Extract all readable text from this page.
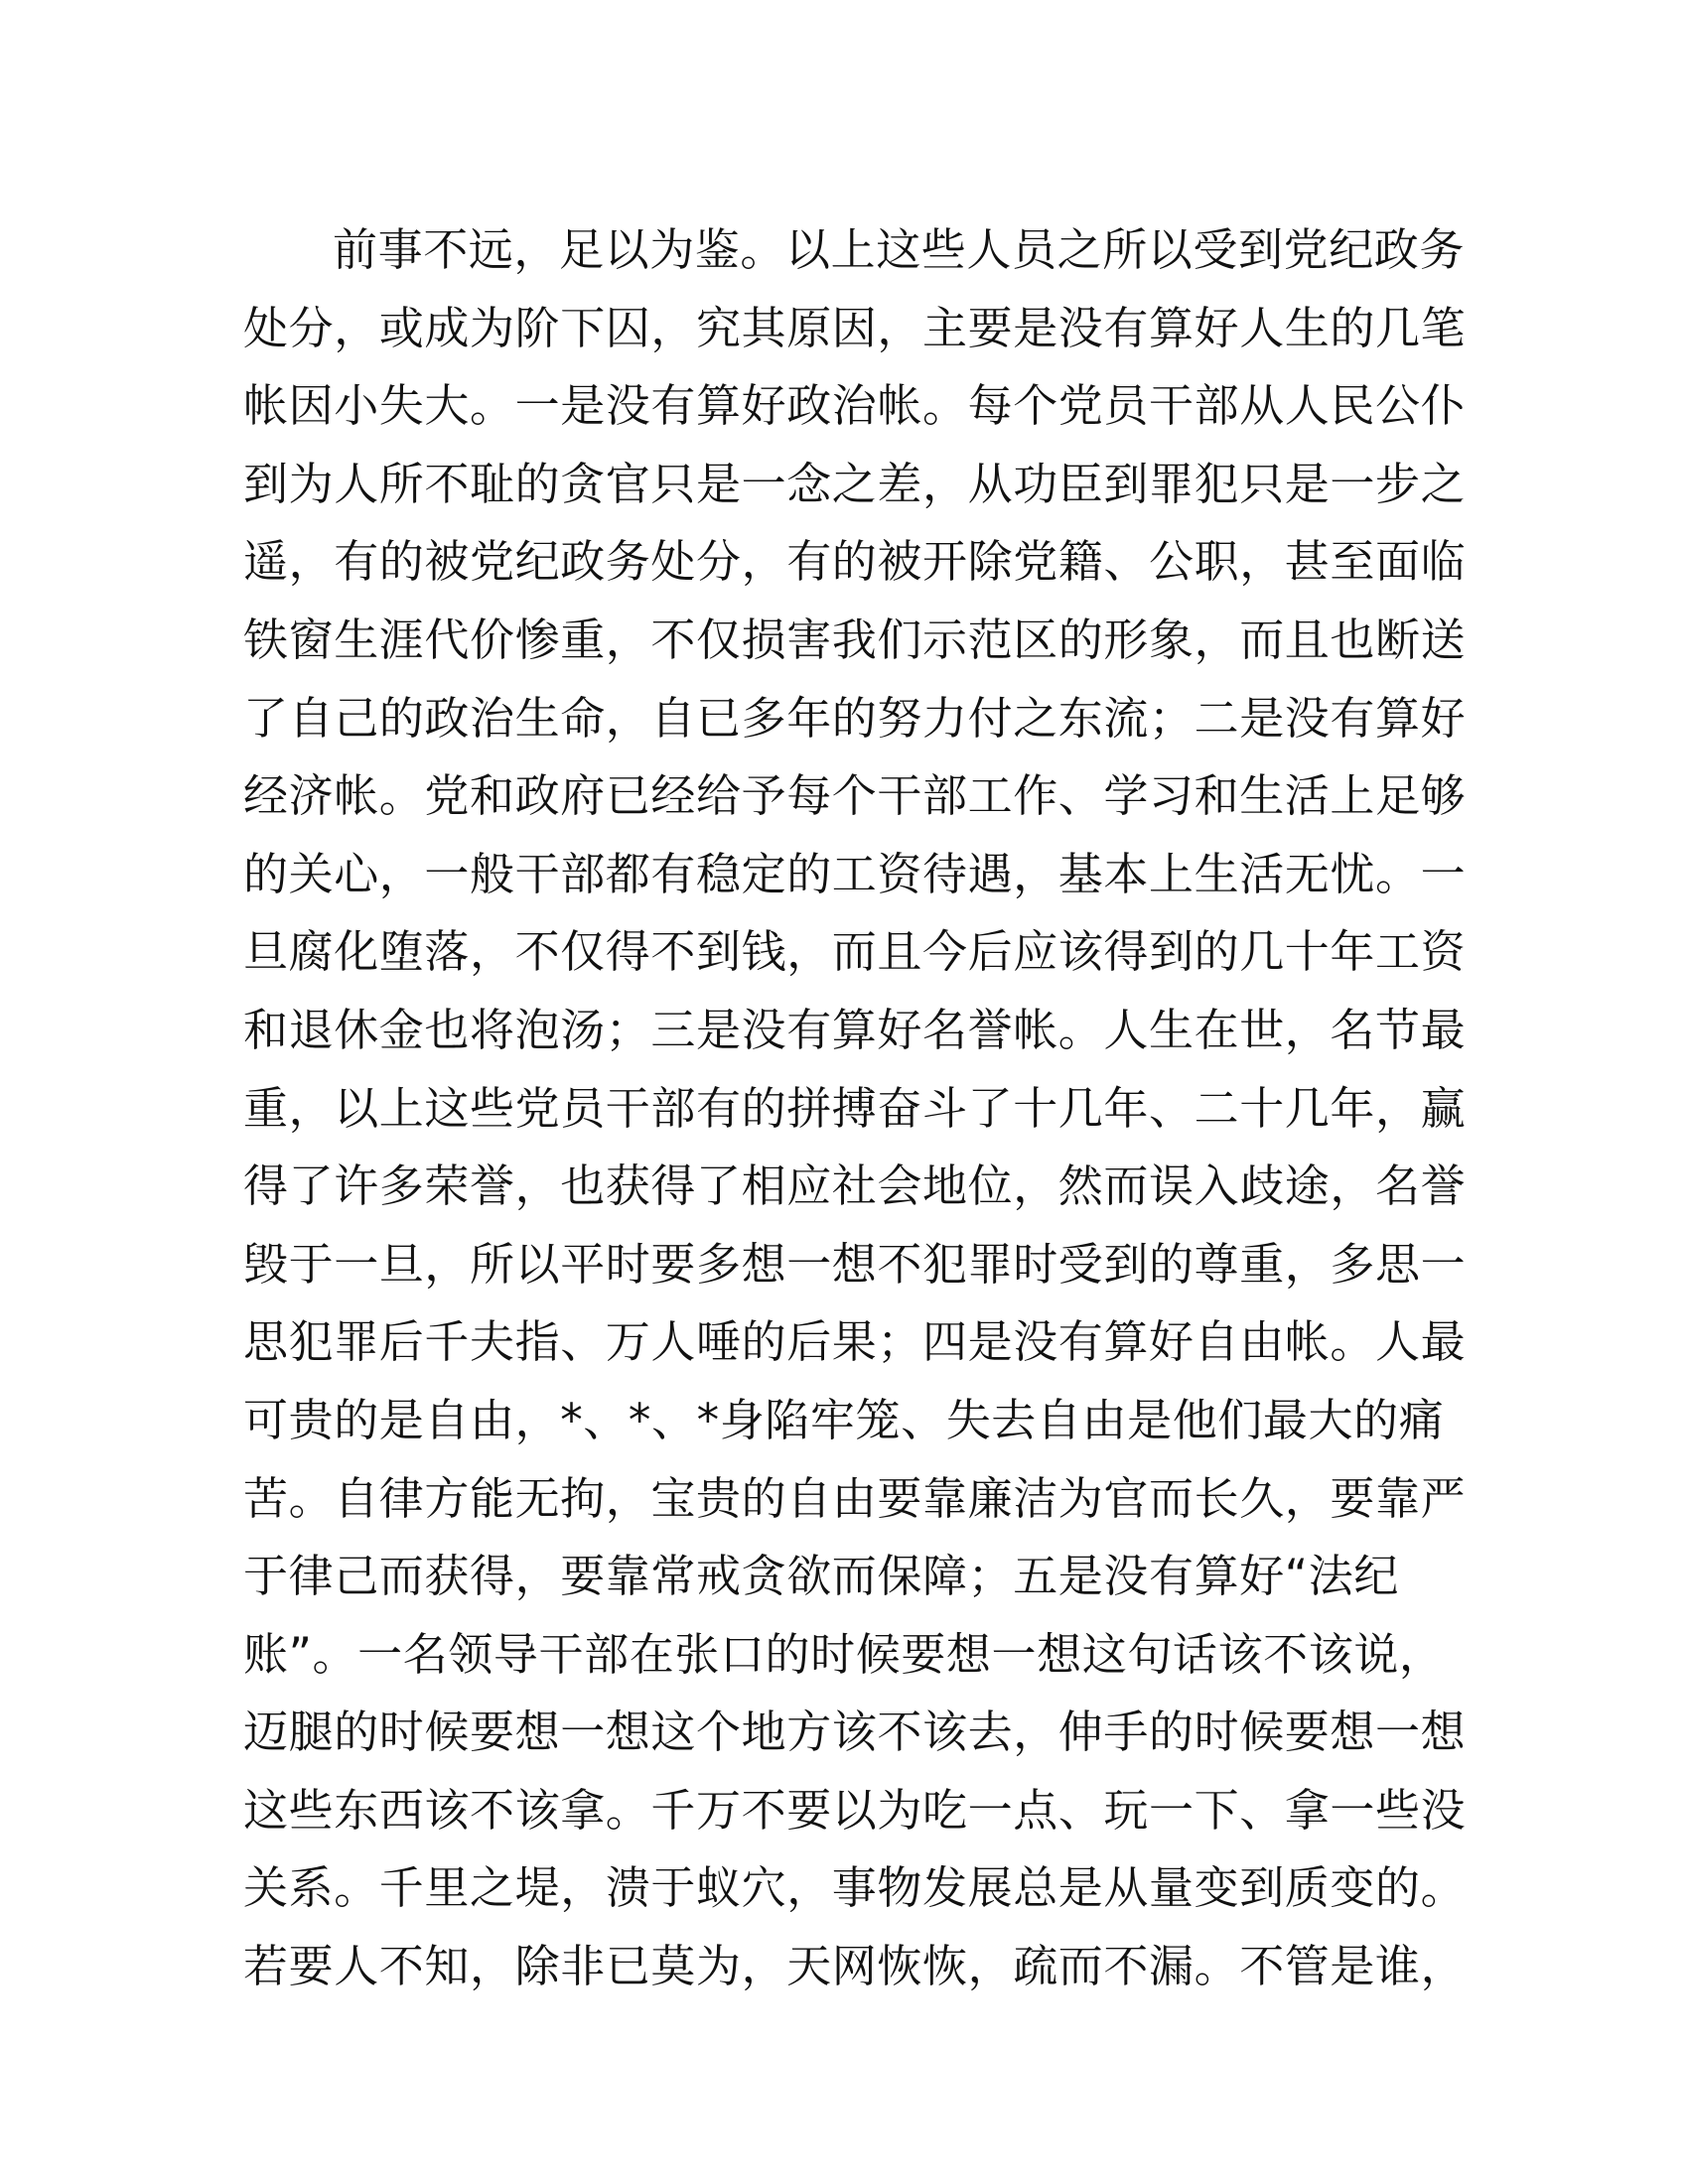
前事不远，足以为鉴。以上这些人员之所以受到党纪政务
处分，或成为阶下囚，究其原因，主要是没有算好人生的几笔
帐因小失大。一是没有算好政治帐。每个党员干部从人民公仆
到为人所不耻的贪官只是一念之差，从功臣到罪犯只是一步之
遥，有的被党纪政务处分，有的被开除党籍、公职，甚至面临
铁窗生涯代价惨重，不仅损害我们示范区的形象，而且也断送
了自己的政治生命，自已多年的努力付之东流；二是没有算好
经济帐。党和政府已经给予每个干部工作、学习和生活上足够
的关心，一般干部都有稳定的工资待遇，基本上生活无忧。一
旦腐化堕落，不仅得不到钱，而且今后应该得到的几十年工资
和退休金也将泡汤；三是没有算好名誉帐。人生在世，名节最
重，以上这些党员干部有的拼搏奋斗了十几年、二十几年，赢
得了许多荣誉，也获得了相应社会地位，然而误入歧途，名誉
毁于一旦，所以平时要多想一想不犯罪时受到的尊重，多思一
思犯罪后千夫指、万人唾的后果；四是没有算好自由帐。人最
可贵的是自由，*、*、*身陷牢笼、失去自由是他们最大的痛
苦。自律方能无拘，宝贵的自由要靠廉洁为官而长久，要靠严
于律己而获得，要靠常戒贪欲而保障；五是没有算好“法纪
账”。一名领导干部在张口的时候要想一想这句话该不该说，
迈腿的时候要想一想这个地方该不该去，伸手的时候要想一想
这些东西该不该拿。千万不要以为吃一点、玩一下、拿一些没
关系。千里之堤，溃于蚁穴，事物发展总是从量变到质变的。
若要人不知，除非已莫为，天网恢恢，疏而不漏。不管是谁，
